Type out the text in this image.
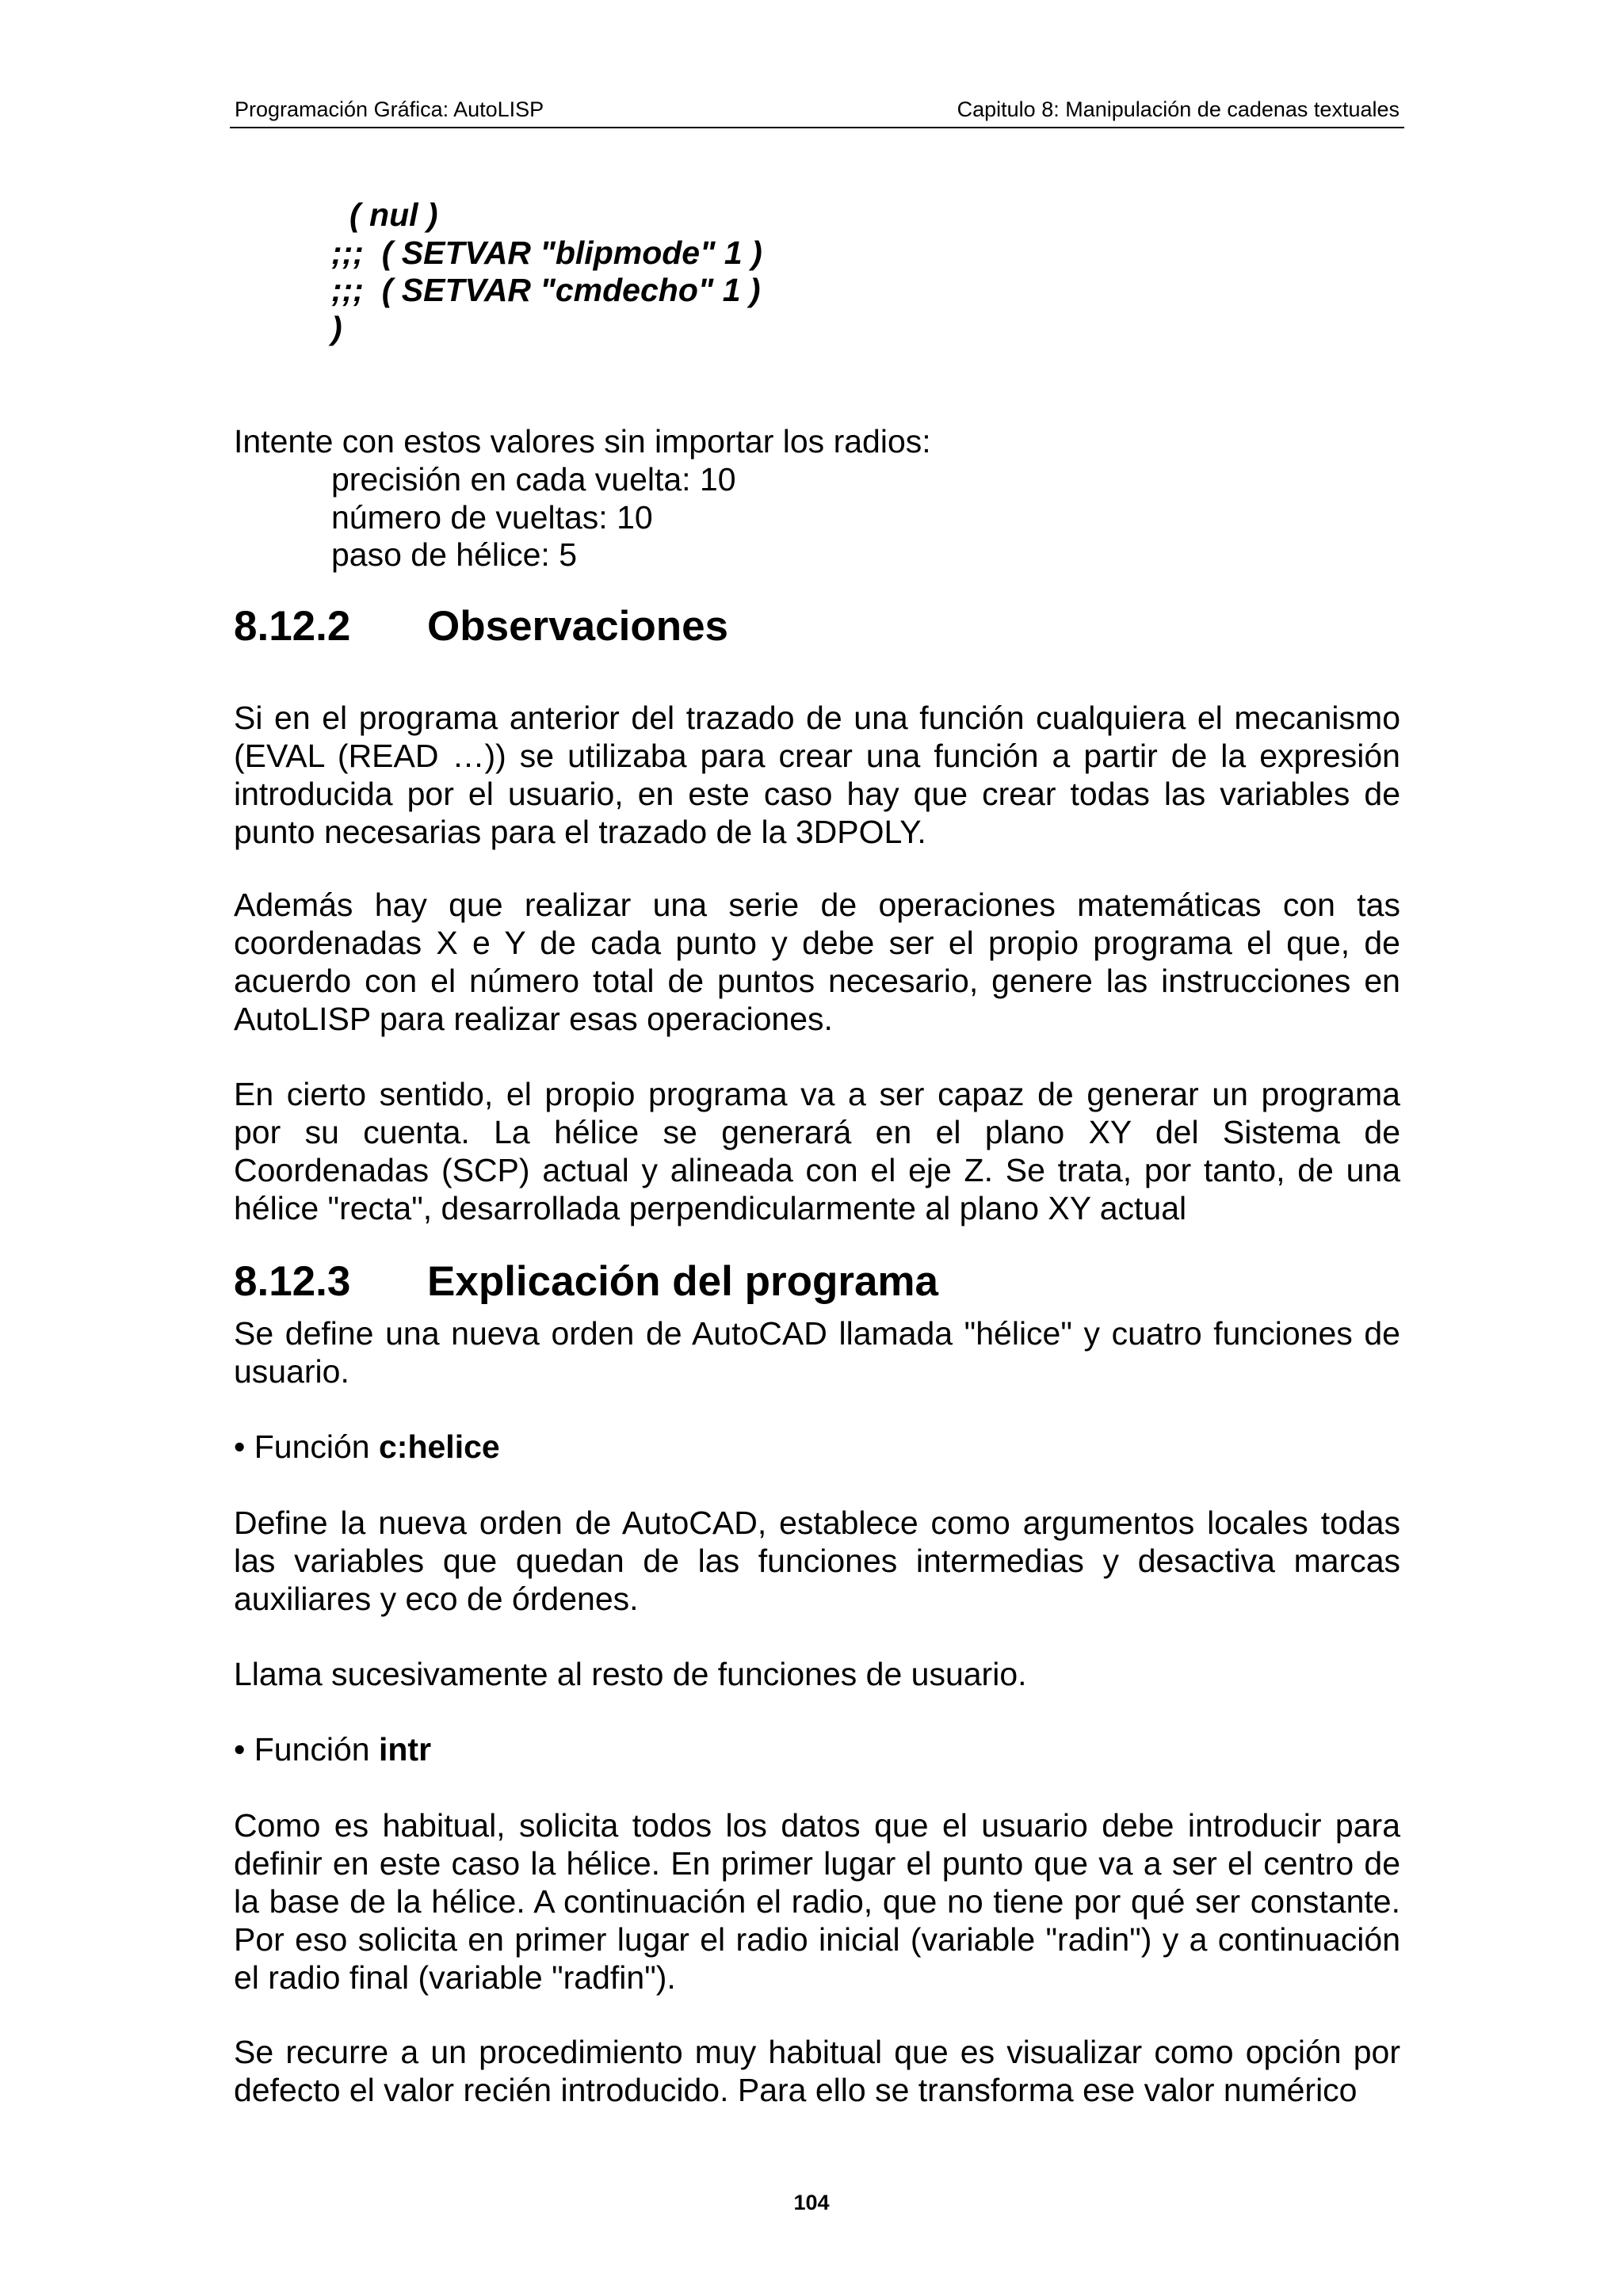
Programación Gráfica: AutoLISP	Capitulo 8: Manipulación de cadenas textuales
( nul )
;;;  ( SETVAR "blipmode" 1 )
;;;  ( SETVAR "cmdecho" 1 )
)
Intente con estos valores sin importar los radios:
precisión en cada vuelta: 10
número de vueltas: 10
paso de hélice: 5
8.12.2 Observaciones

Si en el programa anterior del trazado de una función cualquiera el mecanismo (EVAL (READ …)) se utilizaba para crear una función a partir de la expresión introducida por el usuario, en este caso hay que crear todas las variables de punto necesarias para el trazado de la 3DPOLY.

Además hay que realizar una serie de operaciones matemáticas con tas coordenadas X e Y de cada punto y debe ser el propio programa el que, de acuerdo con el número total de puntos necesario, genere las instrucciones en AutoLISP para realizar esas operaciones.

En cierto sentido, el propio programa va a ser capaz de generar un programa por su cuenta. La hélice se generará en el plano XY del Sistema de Coordenadas (SCP) actual y alineada con el eje Z. Se trata, por tanto, de una hélice "recta", desarrollada perpendicularmente al plano XY actual

8.12.3 Explicación del programa

Se define una nueva orden de AutoCAD llamada "hélice" y cuatro funciones de usuario.

• Función c:helice

Define la nueva orden de AutoCAD, establece como argumentos locales todas las variables que quedan de las funciones intermedias y desactiva marcas auxiliares y eco de órdenes.

Llama sucesivamente al resto de funciones de usuario.

• Función intr

Como es habitual, solicita todos los datos que el usuario debe introducir para definir en este caso la hélice. En primer lugar el punto que va a ser el centro de la base de la hélice. A continuación el radio, que no tiene por qué ser constante. Por eso solicita en primer lugar el radio inicial (variable "radin") y a continuación el radio final (variable "radfin").

Se recurre a un procedimiento muy habitual que es visualizar como opción por defecto el valor recién introducido. Para ello se transforma ese valor numérico

104
